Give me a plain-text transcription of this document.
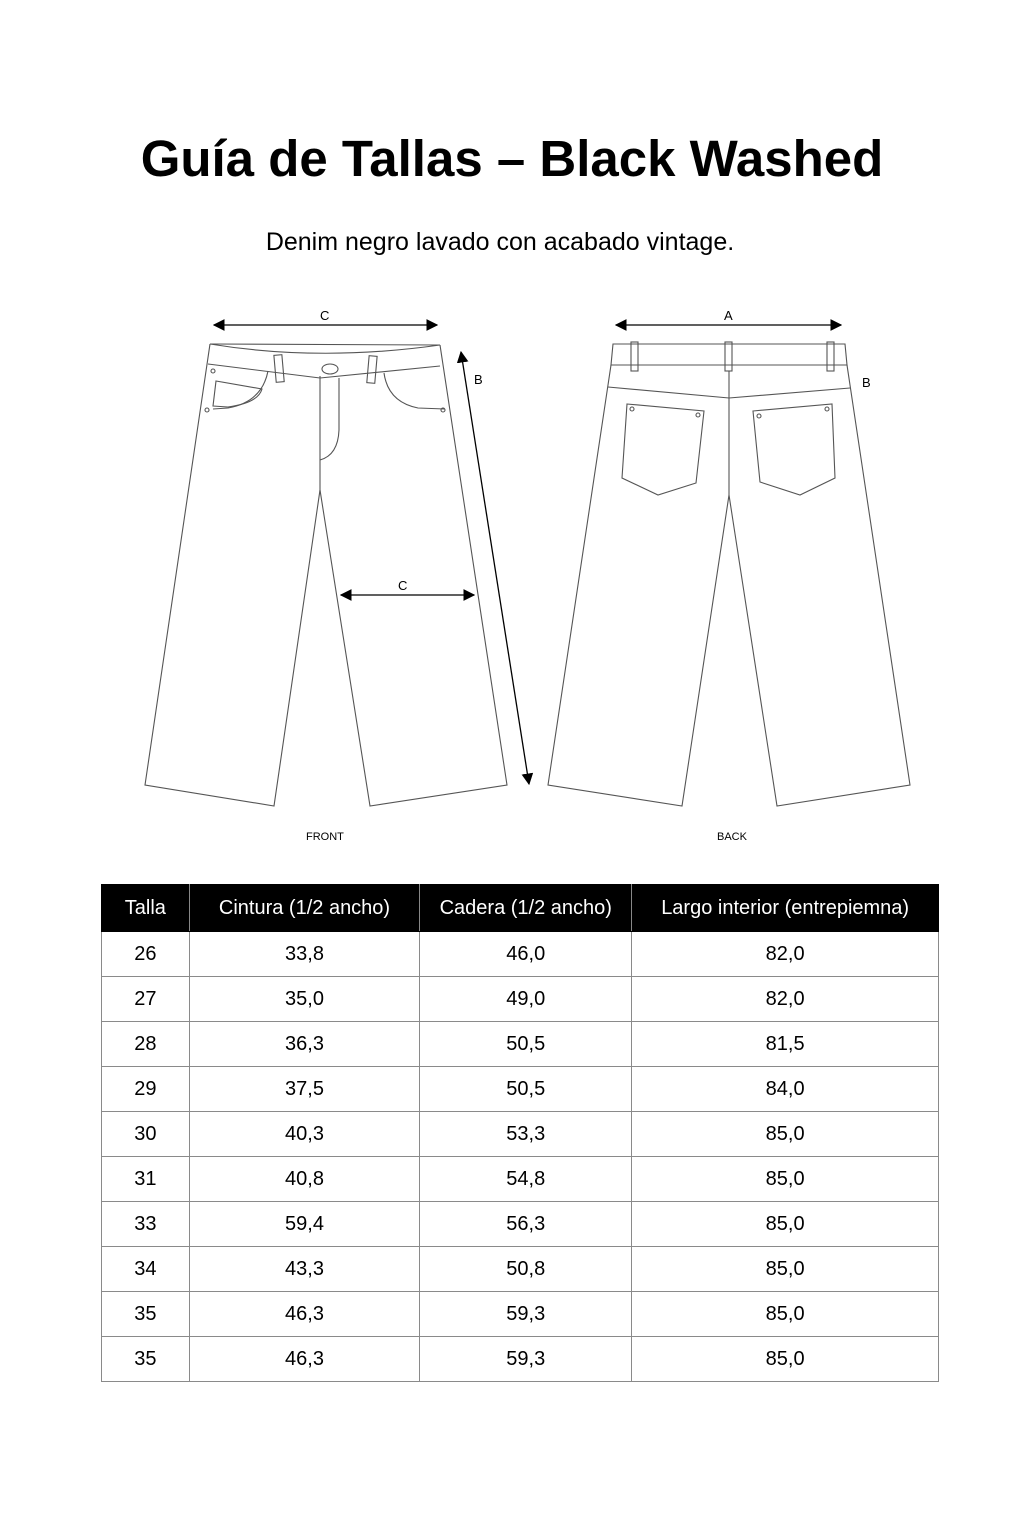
Guía de Tallas – Black Washed
Denim negro lavado con acabado vintage.
C
B
C
FRONT
A
B
BACK
Talla	Cintura (1/2 ancho)	Cadera (1/2 ancho)	Largo interior (entrepiemna)
26	33,8	46,0	82,0
27	35,0	49,0	82,0
28	36,3	50,5	81,5
29	37,5	50,5	84,0
30	40,3	53,3	85,0
31	40,8	54,8	85,0
33	59,4	56,3	85,0
34	43,3	50,8	85,0
35	46,3	59,3	85,0
35	46,3	59,3	85,0
